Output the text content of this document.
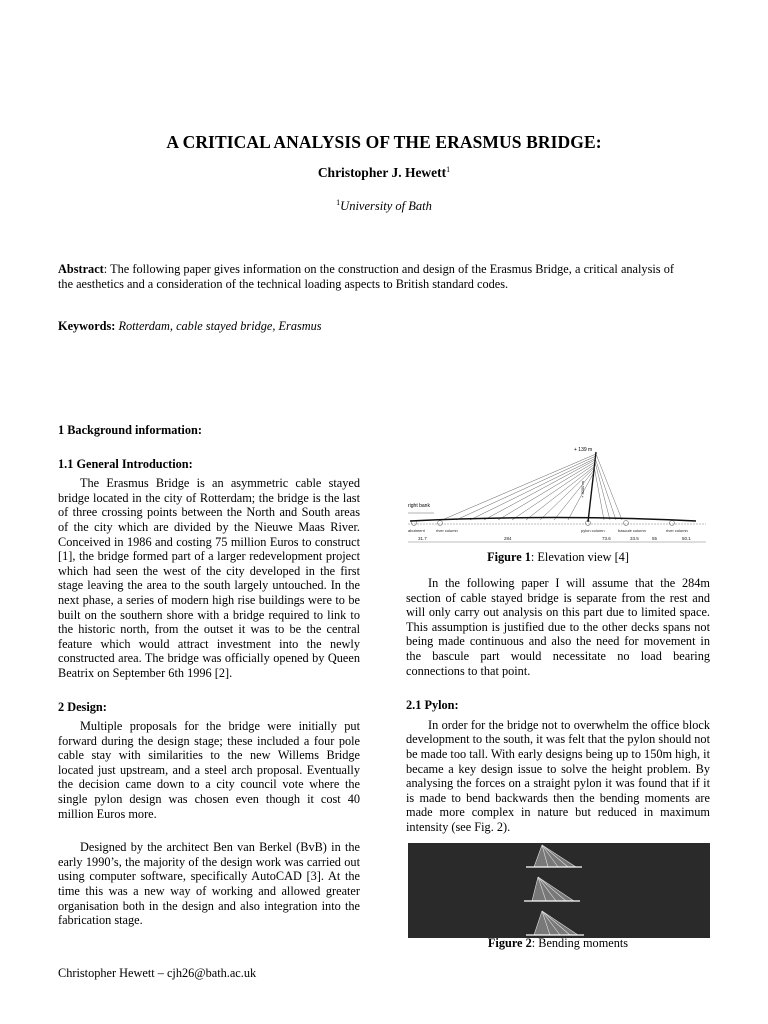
A CRITICAL ANALYSIS OF THE ERASMUS BRIDGE:
Christopher J. Hewett$^1$
$^1$University of Bath
Abstract: The following paper gives information on the construction and design of the Erasmus Bridge, a critical analysis of the aesthetics and a consideration of the technical loading aspects to British standard codes.
Keywords: Rotterdam, cable stayed bridge, Erasmus

1 Background information:

1.1 General Introduction:

The Erasmus Bridge is an asymmetric cable stayed bridge located in the city of Rotterdam; the bridge is the last of three crossing points between the North and South areas of the city which are divided by the Nieuwe Maas River. Conceived in 1986 and costing 75 million Euros to construct [1], the bridge formed part of a larger redevelopment project which had seen the west of the city developed in the first stage leaving the area to the south largely untouched. In the next phase, a series of modern high rise buildings were to be built on the southern shore with a bridge required to link to the historic north, from the outset it was to be the central feature which would attract investment into the newly constructed area. The bridge was officially opened by Queen Beatrix on September 6th 1996 [2].

2 Design:

Multiple proposals for the bridge were initially put forward during the design stage; these included a four pole cable stay with similarities to the new Willems Bridge located just upstream, and a steel arch proposal. Eventually the decision came down to a city council vote where the single pylon design was chosen even though it cost 40 million Euros more.

Designed by the architect Ben van Berkel (BvB) in the early 1990’s, the majority of the design work was carried out using computer software, specifically AutoCAD [3]. At the time this was a new way of working and allowed greater organisation both in the design and also integration into the fabrication stage.

+ 139 m
right bank
abutment	river column	pylon column	bascule column	river column
+ 3000 m
31.7	284	73.6	33.5	55	50.1
Figure 1: Elevation view [4]

In the following paper I will assume that the 284m section of cable stayed bridge is separate from the rest and will only carry out analysis on this part due to limited space. This assumption is justified due to the other decks spans not being made continuous and also the need for movement in the bascule part would necessitate no load bearing connections to that point.

2.1 Pylon:

In order for the bridge not to overwhelm the office block development to the south, it was felt that the pylon should not be made too tall. With early designs being up to 150m high, it became a key design issue to solve the height problem. By analysing the forces on a straight pylon it was found that if it is made to bend backwards then the bending moments are made more complex in nature but reduced in maximum intensity (see Fig. 2).

Figure 2: Bending moments
Christopher Hewett – cjh26@bath.ac.uk
